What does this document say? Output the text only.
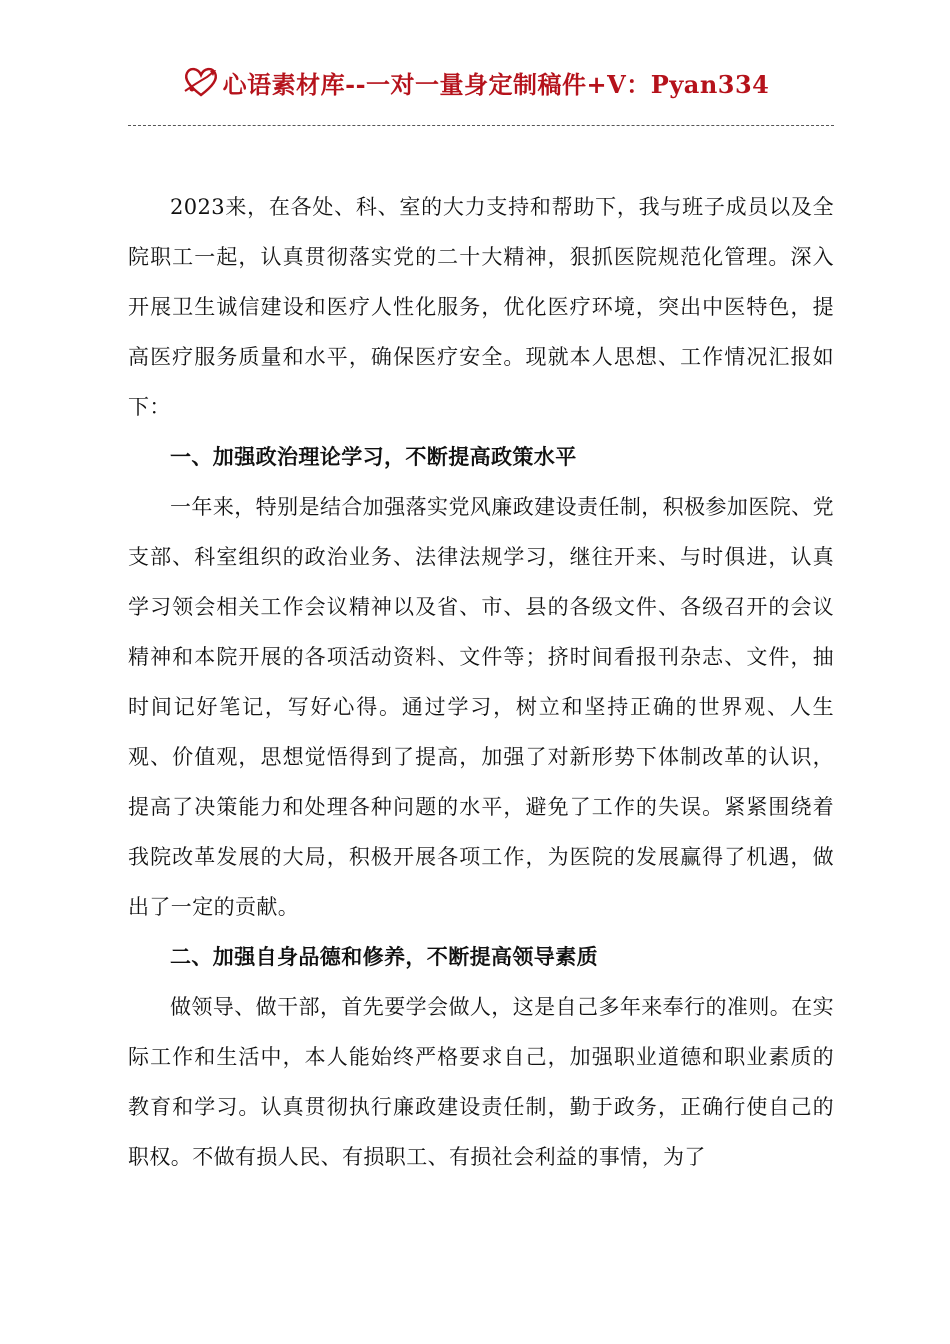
心语素材库--一对一量身定制稿件+V：Pyan334

2023来，在各处、科、室的大力支持和帮助下，我与班子成员以及全院职工一起，认真贯彻落实党的二十大精神，狠抓医院规范化管理。深入开展卫生诚信建设和医疗人性化服务，优化医疗环境，突出中医特色，提高医疗服务质量和水平，确保医疗安全。现就本人思想、工作情况汇报如下：

一、加强政治理论学习，不断提高政策水平

一年来，特别是结合加强落实党风廉政建设责任制，积极参加医院、党支部、科室组织的政治业务、法律法规学习，继往开来、与时俱进，认真学习领会相关工作会议精神以及省、市、县的各级文件、各级召开的会议精神和本院开展的各项活动资料、文件等；挤时间看报刊杂志、文件，抽时间记好笔记，写好心得。通过学习，树立和坚持正确的世界观、人生观、价值观，思想觉悟得到了提高，加强了对新形势下体制改革的认识，提高了决策能力和处理各种问题的水平，避免了工作的失误。紧紧围绕着我院改革发展的大局，积极开展各项工作，为医院的发展赢得了机遇，做出了一定的贡献。

二、加强自身品德和修养，不断提高领导素质

做领导、做干部，首先要学会做人，这是自己多年来奉行的准则。在实际工作和生活中，本人能始终严格要求自己，加强职业道德和职业素质的教育和学习。认真贯彻执行廉政建设责任制，勤于政务，正确行使自己的职权。不做有损人民、有损职工、有损社会利益的事情，为了
